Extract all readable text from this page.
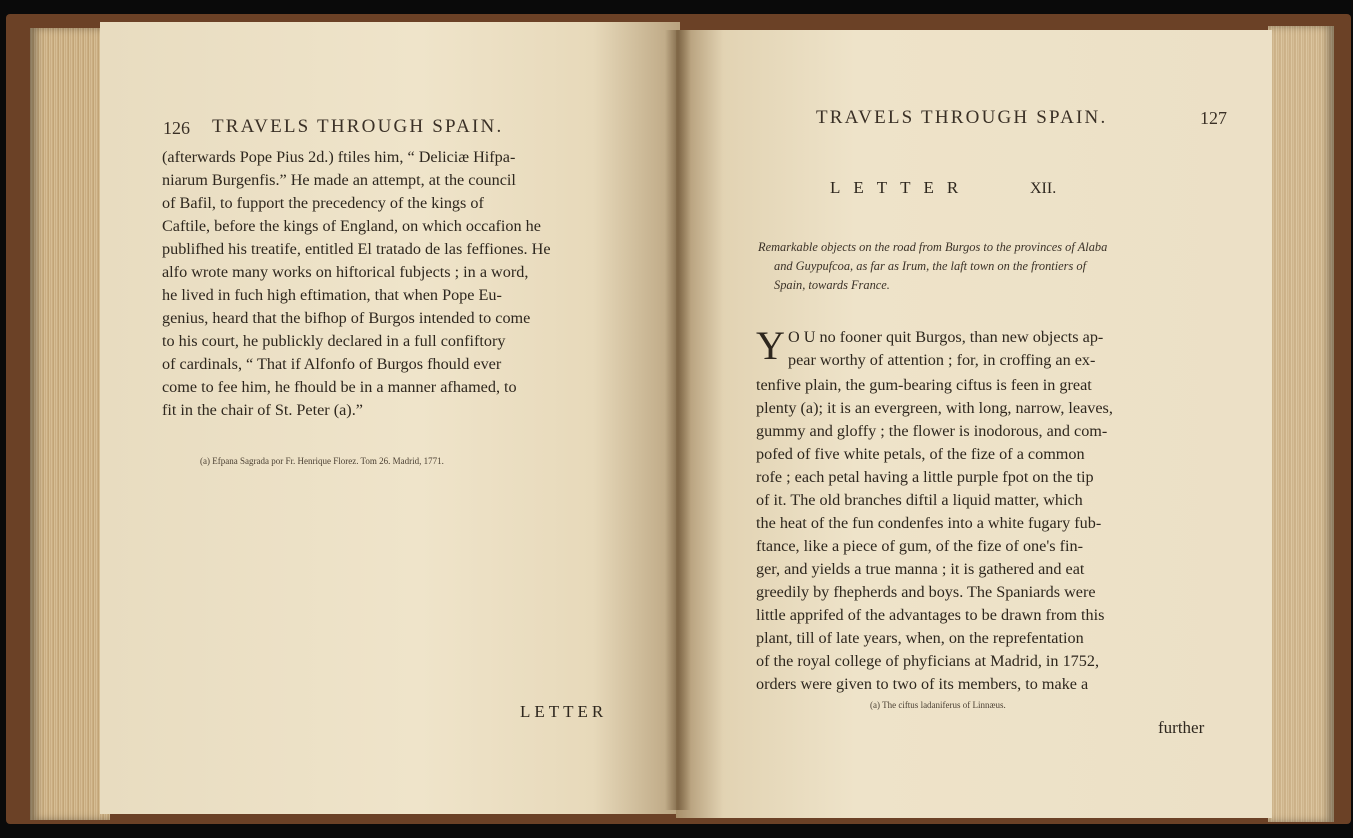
126 TRAVELS THROUGH SPAIN.
(afterwards Pope Pius 2d.) ftiles him, “ Deliciæ Hifpa-
niarum Burgenfis.” He made an attempt, at the council
of Bafil, to fupport the precedency of the kings of
Caftile, before the kings of England, on which occafion he
publifhed his treatife, entitled El tratado de las feffiones. He
alfo wrote many works on hiftorical fubjects ; in a word,
he lived in fuch high eftimation, that when Pope Eu-
genius, heard that the bifhop of Burgos intended to come
to his court, he publickly declared in a full confiftory
of cardinals, “ That if Alfonfo of Burgos fhould ever
come to fee him, he fhould be in a manner afhamed, to
fit in the chair of St. Peter (a).”
(a) Efpana Sagrada por Fr. Henrique Florez. Tom 26. Madrid, 1771.
LETTER
TRAVELS THROUGH SPAIN.	127
LETTER	XII.
Remarkable objects on the road from Burgos to the provinces of Alaba
and Guypufcoa, as far as Irum, the laft town on the frontiers of
Spain, towards France.
Y O U no fooner quit Burgos, than new objects ap-
pear worthy of attention ; for, in croffing an ex-
tenfive plain, the gum-bearing ciftus is feen in great
plenty (a); it is an evergreen, with long, narrow, leaves,
gummy and gloffy ; the flower is inodorous, and com-
pofed of five white petals, of the fize of a common
rofe ; each petal having a little purple fpot on the tip
of it. The old branches diftil a liquid matter, which
the heat of the fun condenfes into a white fugary fub-
ftance, like a piece of gum, of the fize of one's fin-
ger, and yields a true manna ; it is gathered and eat
greedily by fhepherds and boys. The Spaniards were
little apprifed of the advantages to be drawn from this
plant, till of late years, when, on the reprefentation
of the royal college of phyficians at Madrid, in 1752,
orders were given to two of its members, to make a
(a) The ciftus ladaniferus of Linnæus.
further
